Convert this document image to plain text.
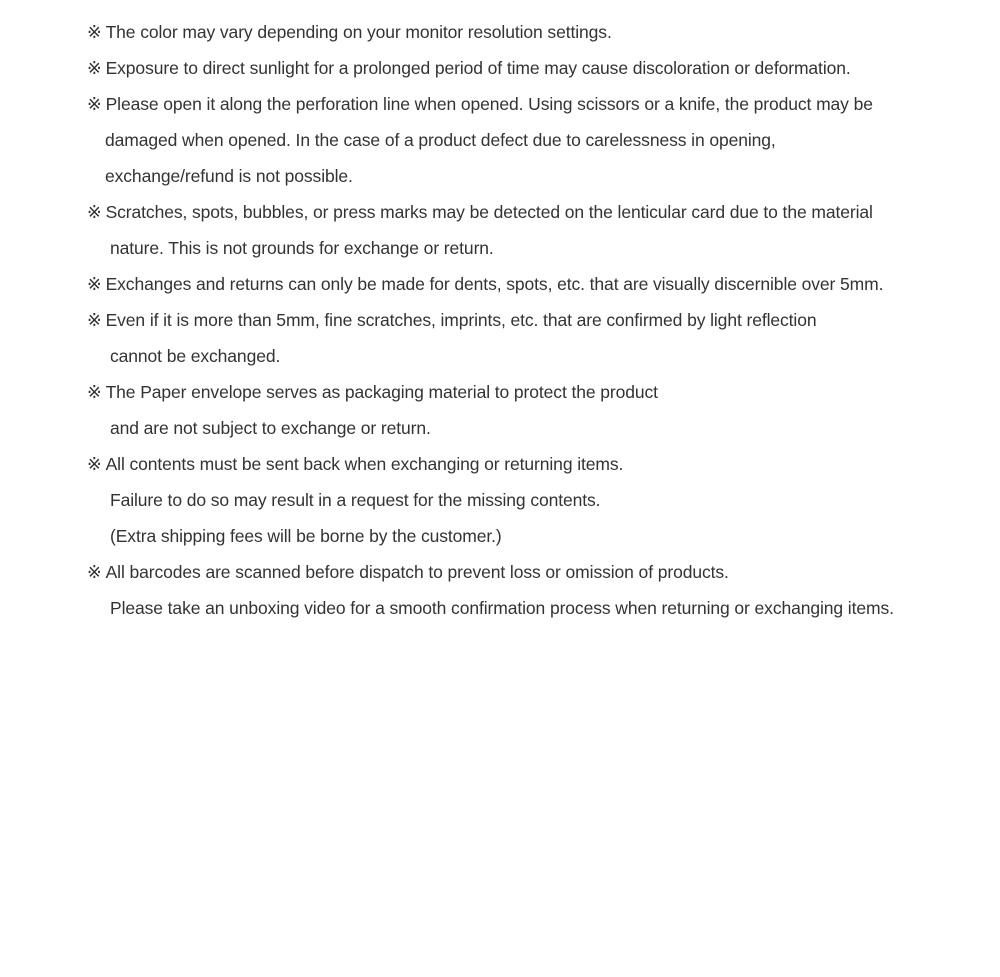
※ The color may vary depending on your monitor resolution settings.
※ Exposure to direct sunlight for a prolonged period of time may cause discoloration or deformation.
※ Please open it along the perforation line when opened. Using scissors or a knife, the product may be
damaged when opened. In the case of a product defect due to carelessness in opening,
exchange/refund is not possible.
※ Scratches, spots, bubbles, or press marks may be detected on the lenticular card due to the material
nature. This is not grounds for exchange or return.
※ Exchanges and returns can only be made for dents, spots, etc. that are visually discernible over 5mm.
※ Even if it is more than 5mm, fine scratches, imprints, etc. that are confirmed by light reflection
cannot be exchanged.
※ The Paper envelope serves as packaging material to protect the product
and are not subject to exchange or return.
※ All contents must be sent back when exchanging or returning items.
Failure to do so may result in a request for the missing contents.
(Extra shipping fees will be borne by the customer.)
※ All barcodes are scanned before dispatch to prevent loss or omission of products.
Please take an unboxing video for a smooth confirmation process when returning or exchanging items.
